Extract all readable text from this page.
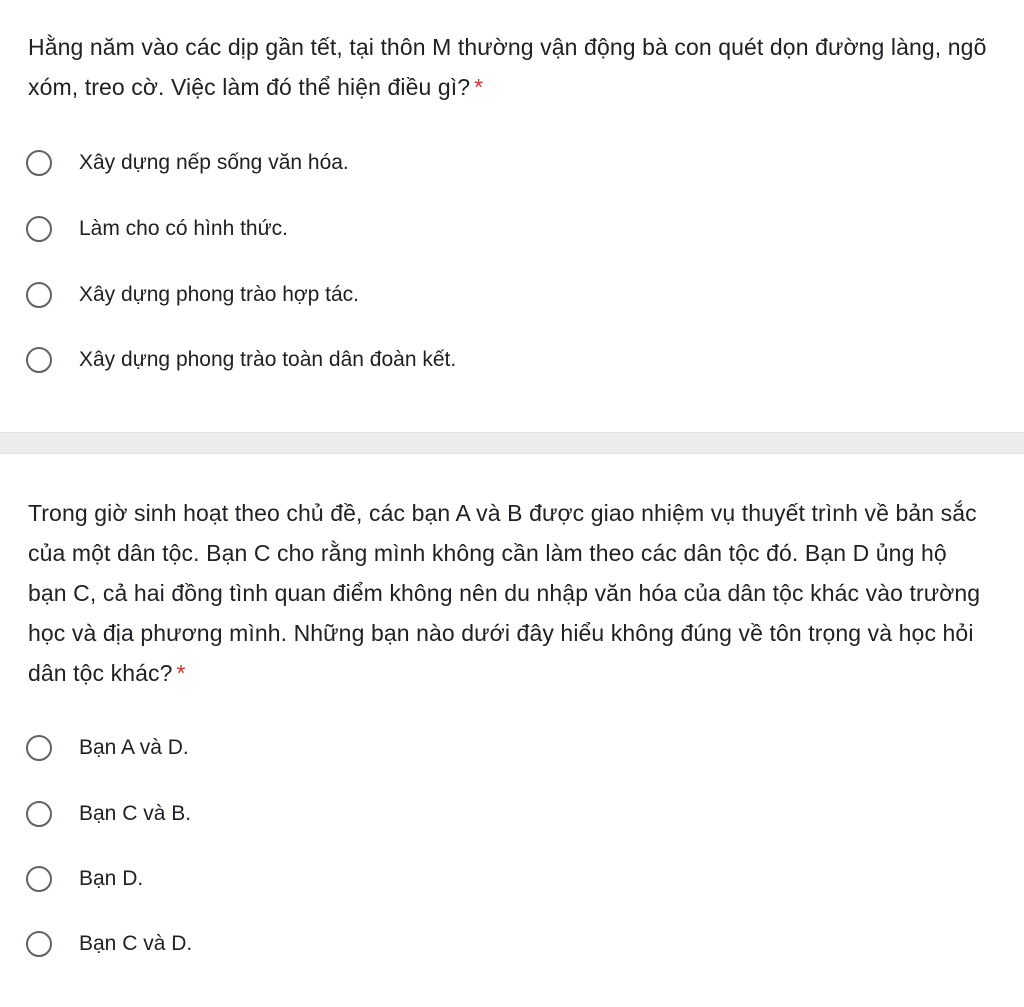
Hằng năm vào các dịp gần tết, tại thôn M thường vận động bà con quét dọn đường làng, ngõ xóm, treo cờ. Việc làm đó thể hiện điều gì? *
Xây dựng nếp sống văn hóa.
Làm cho có hình thức.
Xây dựng phong trào hợp tác.
Xây dựng phong trào toàn dân đoàn kết.
Trong giờ sinh hoạt theo chủ đề, các bạn A và B được giao nhiệm vụ thuyết trình về bản sắc của một dân tộc. Bạn C cho rằng mình không cần làm theo các dân tộc đó. Bạn D ủng hộ bạn C, cả hai đồng tình quan điểm không nên du nhập văn hóa của dân tộc khác vào trường học và địa phương mình. Những bạn nào dưới đây hiểu không đúng về tôn trọng và học hỏi dân tộc khác? *
Bạn A và D.
Bạn C và B.
Bạn D.
Bạn C và D.
